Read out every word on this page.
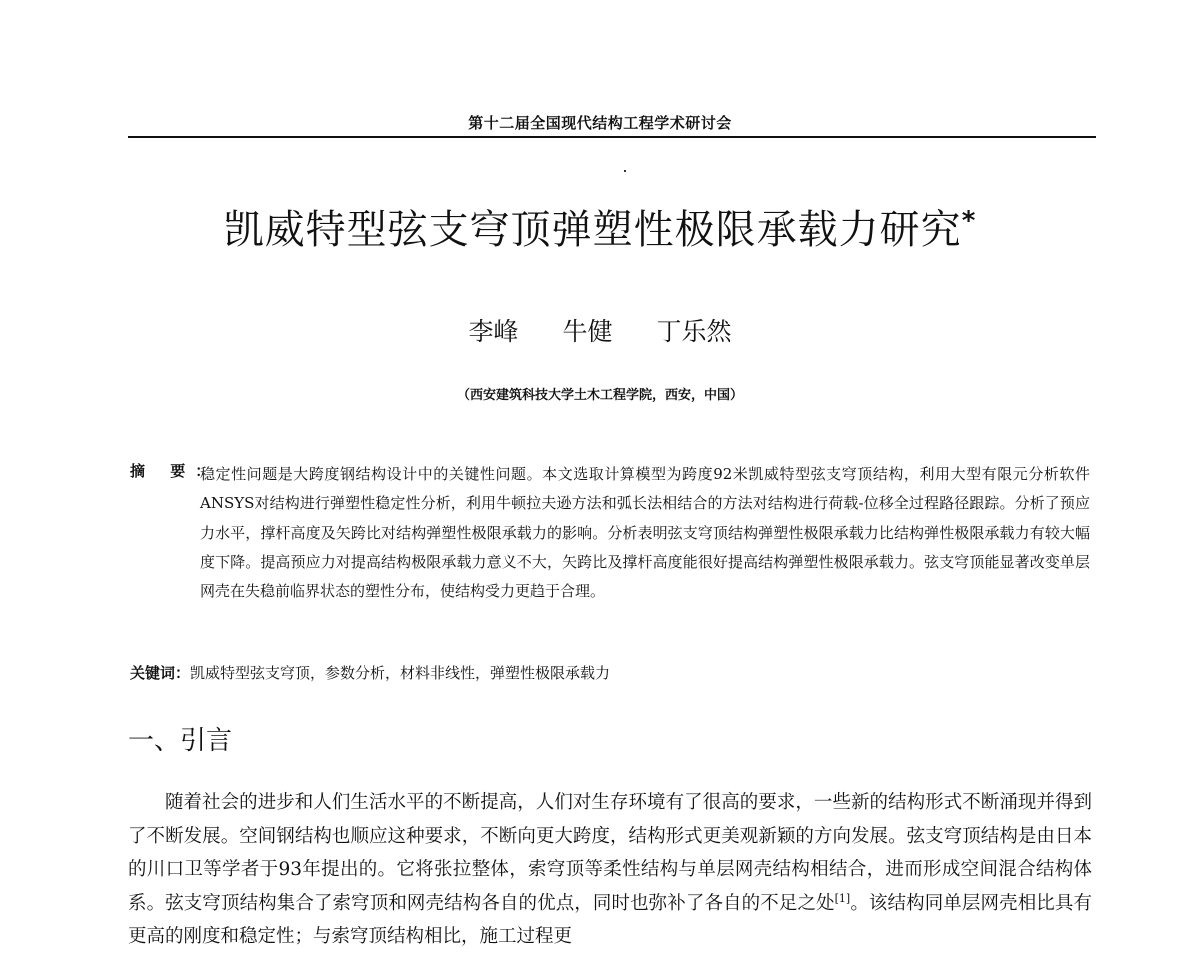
第十二届全国现代结构工程学术研讨会
凯威特型弦支穹顶弹塑性极限承载力研究*
李峰 牛健 丁乐然
（西安建筑科技大学土木工程学院，西安，中国）
摘 要：
稳定性问题是大跨度钢结构设计中的关键性问题。本文选取计算模型为跨度92米凯威特型弦支穹顶结构，利用大型有限元分析软件ANSYS对结构进行弹塑性稳定性分析，利用牛顿拉夫逊方法和弧长法相结合的方法对结构进行荷载-位移全过程路径跟踪。分析了预应力水平，撑杆高度及矢跨比对结构弹塑性极限承载力的影响。分析表明弦支穹顶结构弹塑性极限承载力比结构弹性极限承载力有较大幅度下降。提高预应力对提高结构极限承载力意义不大，矢跨比及撑杆高度能很好提高结构弹塑性极限承载力。弦支穹顶能显著改变单层网壳在失稳前临界状态的塑性分布，使结构受力更趋于合理。
关键词：凯威特型弦支穹顶，参数分析，材料非线性，弹塑性极限承载力
一、引言

随着社会的进步和人们生活水平的不断提高，人们对生存环境有了很高的要求，一些新的结构形式不断涌现并得到了不断发展。空间钢结构也顺应这种要求，不断向更大跨度，结构形式更美观新颖的方向发展。弦支穹顶结构是由日本的川口卫等学者于93年提出的。它将张拉整体，索穹顶等柔性结构与单层网壳结构相结合，进而形成空间混合结构体系。弦支穹顶结构集合了索穹顶和网壳结构各自的优点，同时也弥补了各自的不足之处[1]。该结构同单层网壳相比具有更高的刚度和稳定性；与索穹顶结构相比，施工过程更
